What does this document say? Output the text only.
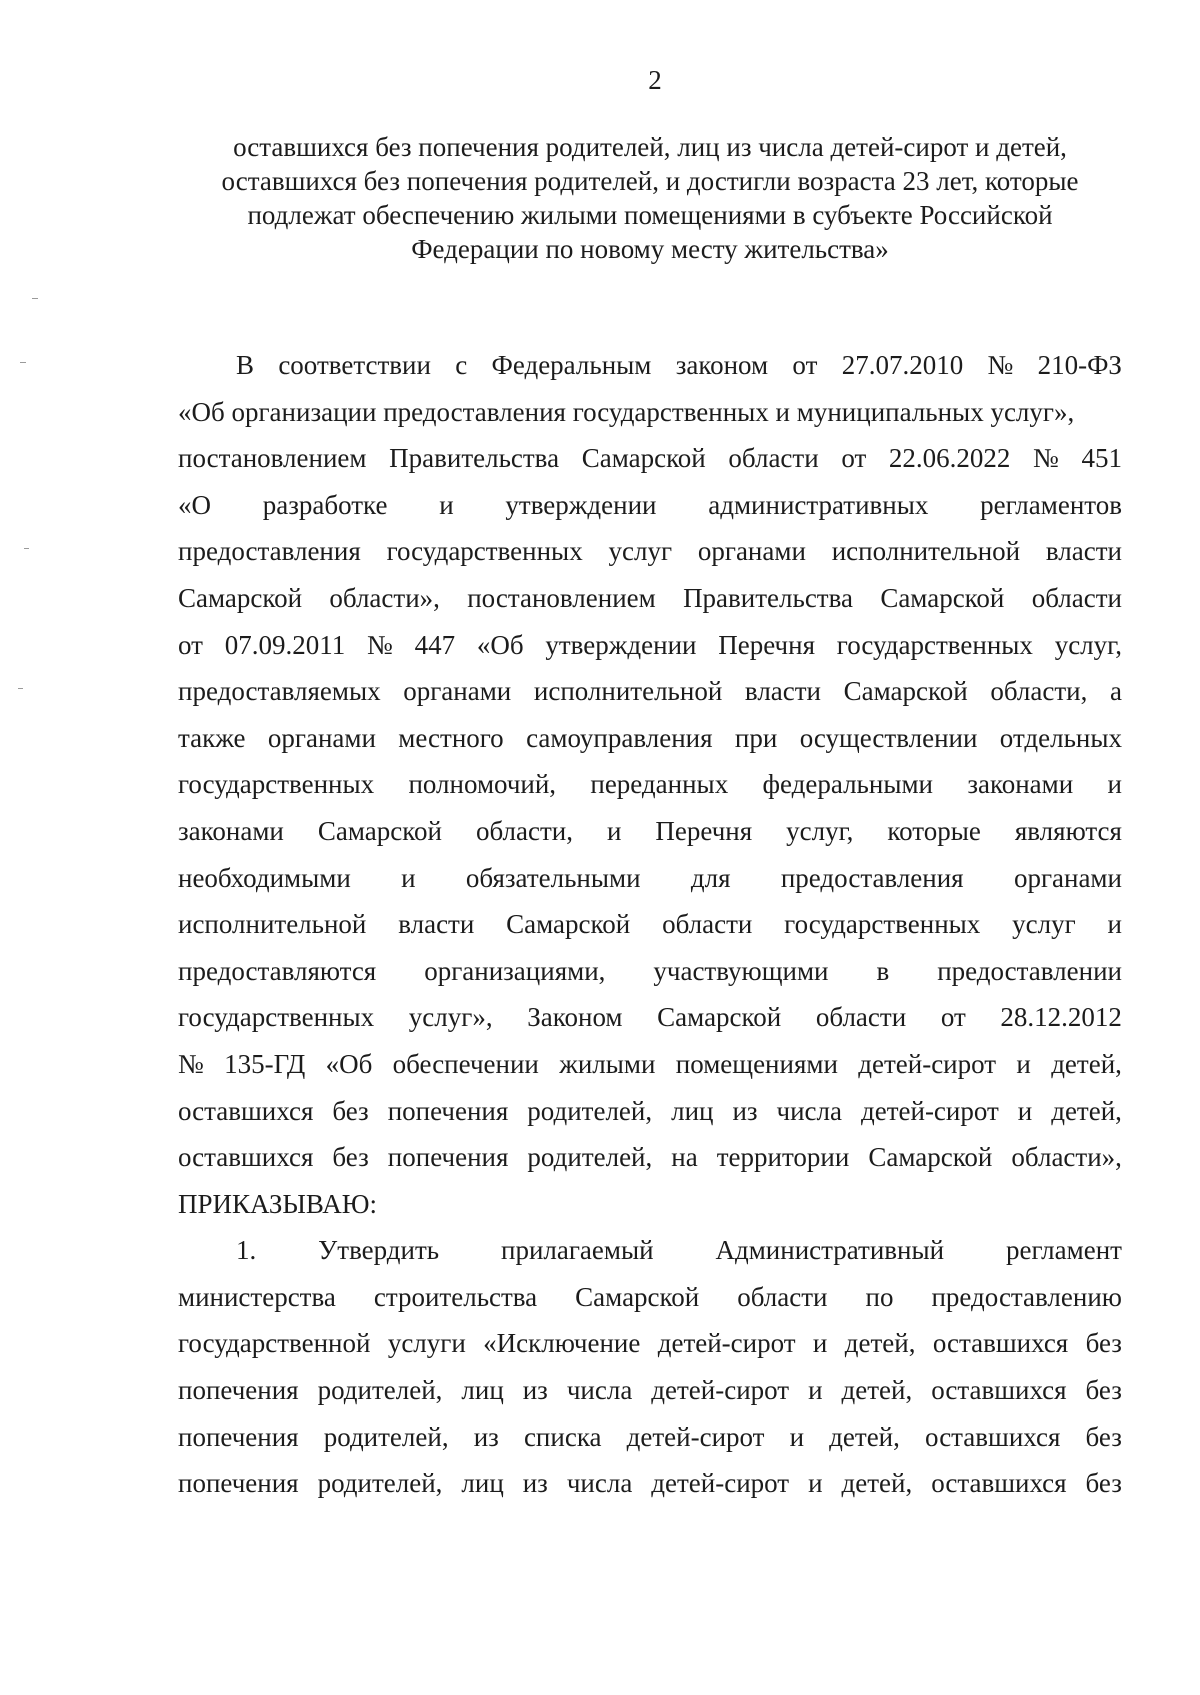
2
оставшихся без попечения родителей, лиц из числа детей-сирот и детей,
оставшихся без попечения родителей, и достигли возраста 23 лет, которые
подлежат обеспечению жилыми помещениями в субъекте Российской
Федерации по новому месту жительства»
В соответствии с Федеральным законом от 27.07.2010 № 210-ФЗ
«Об организации предоставления государственных и муниципальных услуг»,
постановлением Правительства Самарской области от 22.06.2022 № 451
«О разработке и утверждении административных регламентов
предоставления государственных услуг органами исполнительной власти
Самарской области», постановлением Правительства Самарской области
от 07.09.2011 № 447 «Об утверждении Перечня государственных услуг,
предоставляемых органами исполнительной власти Самарской области, а
также органами местного самоуправления при осуществлении отдельных
государственных полномочий, переданных федеральными законами и
законами Самарской области, и Перечня услуг, которые являются
необходимыми и обязательными для предоставления органами
исполнительной власти Самарской области государственных услуг и
предоставляются организациями, участвующими в предоставлении
государственных услуг», Законом Самарской области от 28.12.2012
№ 135-ГД «Об обеспечении жилыми помещениями детей-сирот и детей,
оставшихся без попечения родителей, лиц из числа детей-сирот и детей,
оставшихся без попечения родителей, на территории Самарской области»,
ПРИКАЗЫВАЮ:
1. Утвердить прилагаемый Административный регламент
министерства строительства Самарской области по предоставлению
государственной услуги «Исключение детей-сирот и детей, оставшихся без
попечения родителей, лиц из числа детей-сирот и детей, оставшихся без
попечения родителей, из списка детей-сирот и детей, оставшихся без
попечения родителей, лиц из числа детей-сирот и детей, оставшихся без
